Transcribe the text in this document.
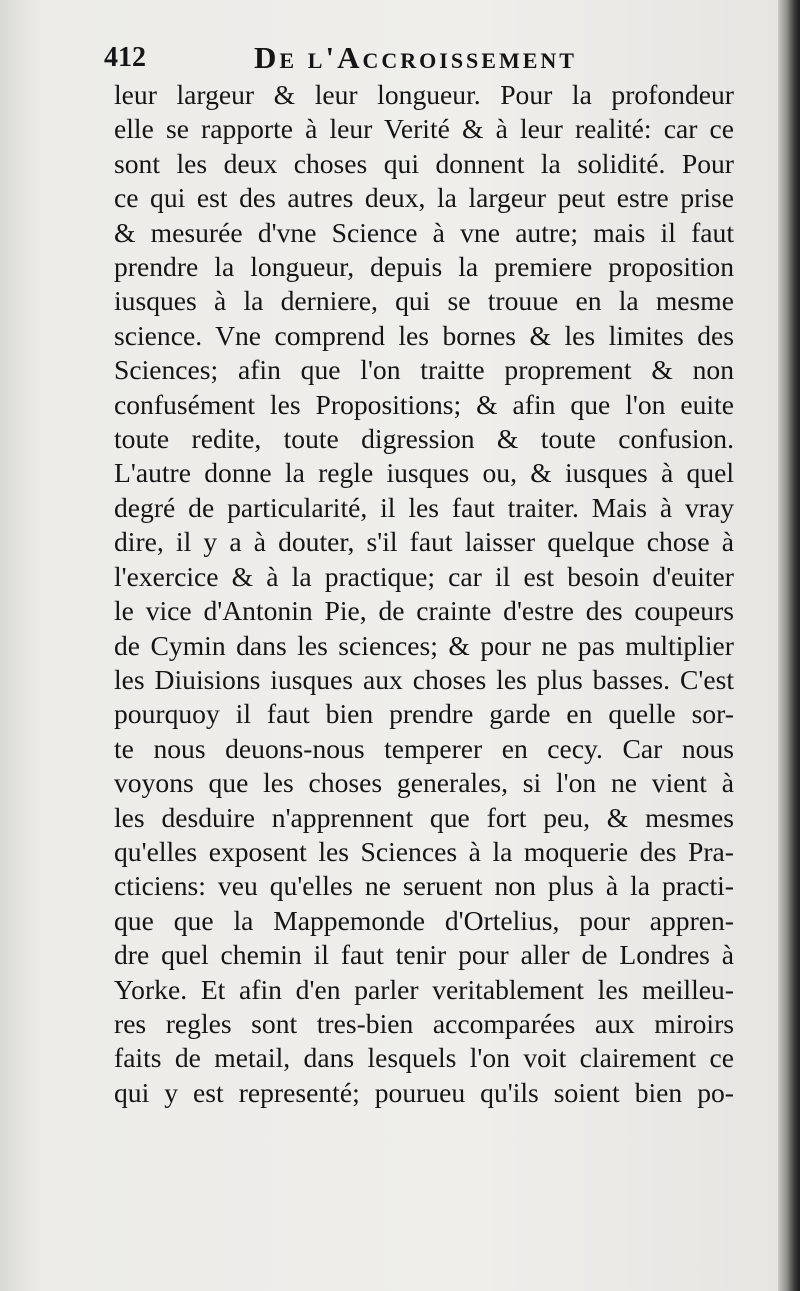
412	De l'Accroissement
leur largeur & leur longueur. Pour la profondeur
elle se rapporte à leur Verité & à leur realité: car ce
sont les deux choses qui donnent la solidité. Pour
ce qui est des autres deux, la largeur peut estre prise
& mesurée d'vne Science à vne autre; mais il faut
prendre la longueur, depuis la premiere proposition
iusques à la derniere, qui se trouue en la mesme
science. Vne comprend les bornes & les limites des
Sciences; afin que l'on traitte proprement & non
confusément les Propositions; & afin que l'on euite
toute redite, toute digression & toute confusion.
L'autre donne la regle iusques ou, & iusques à quel
degré de particularité, il les faut traiter. Mais à vray
dire, il y a à douter, s'il faut laisser quelque chose à
l'exercice & à la practique; car il est besoin d'euiter
le vice d'Antonin Pie, de crainte d'estre des coupeurs
de Cymin dans les sciences; & pour ne pas multiplier
les Diuisions iusques aux choses les plus basses. C'est
pourquoy il faut bien prendre garde en quelle sor-
te nous deuons-nous temperer en cecy. Car nous
voyons que les choses generales, si l'on ne vient à
les desduire n'apprennent que fort peu, & mesmes
qu'elles exposent les Sciences à la moquerie des Pra-
cticiens: veu qu'elles ne seruent non plus à la practi-
que que la Mappemonde d'Ortelius, pour appren-
dre quel chemin il faut tenir pour aller de Londres à
Yorke. Et afin d'en parler veritablement les meilleu-
res regles sont tres-bien accomparées aux miroirs
faits de metail, dans lesquels l'on voit clairement ce
qui y est representé; pourueu qu'ils soient bien po-
